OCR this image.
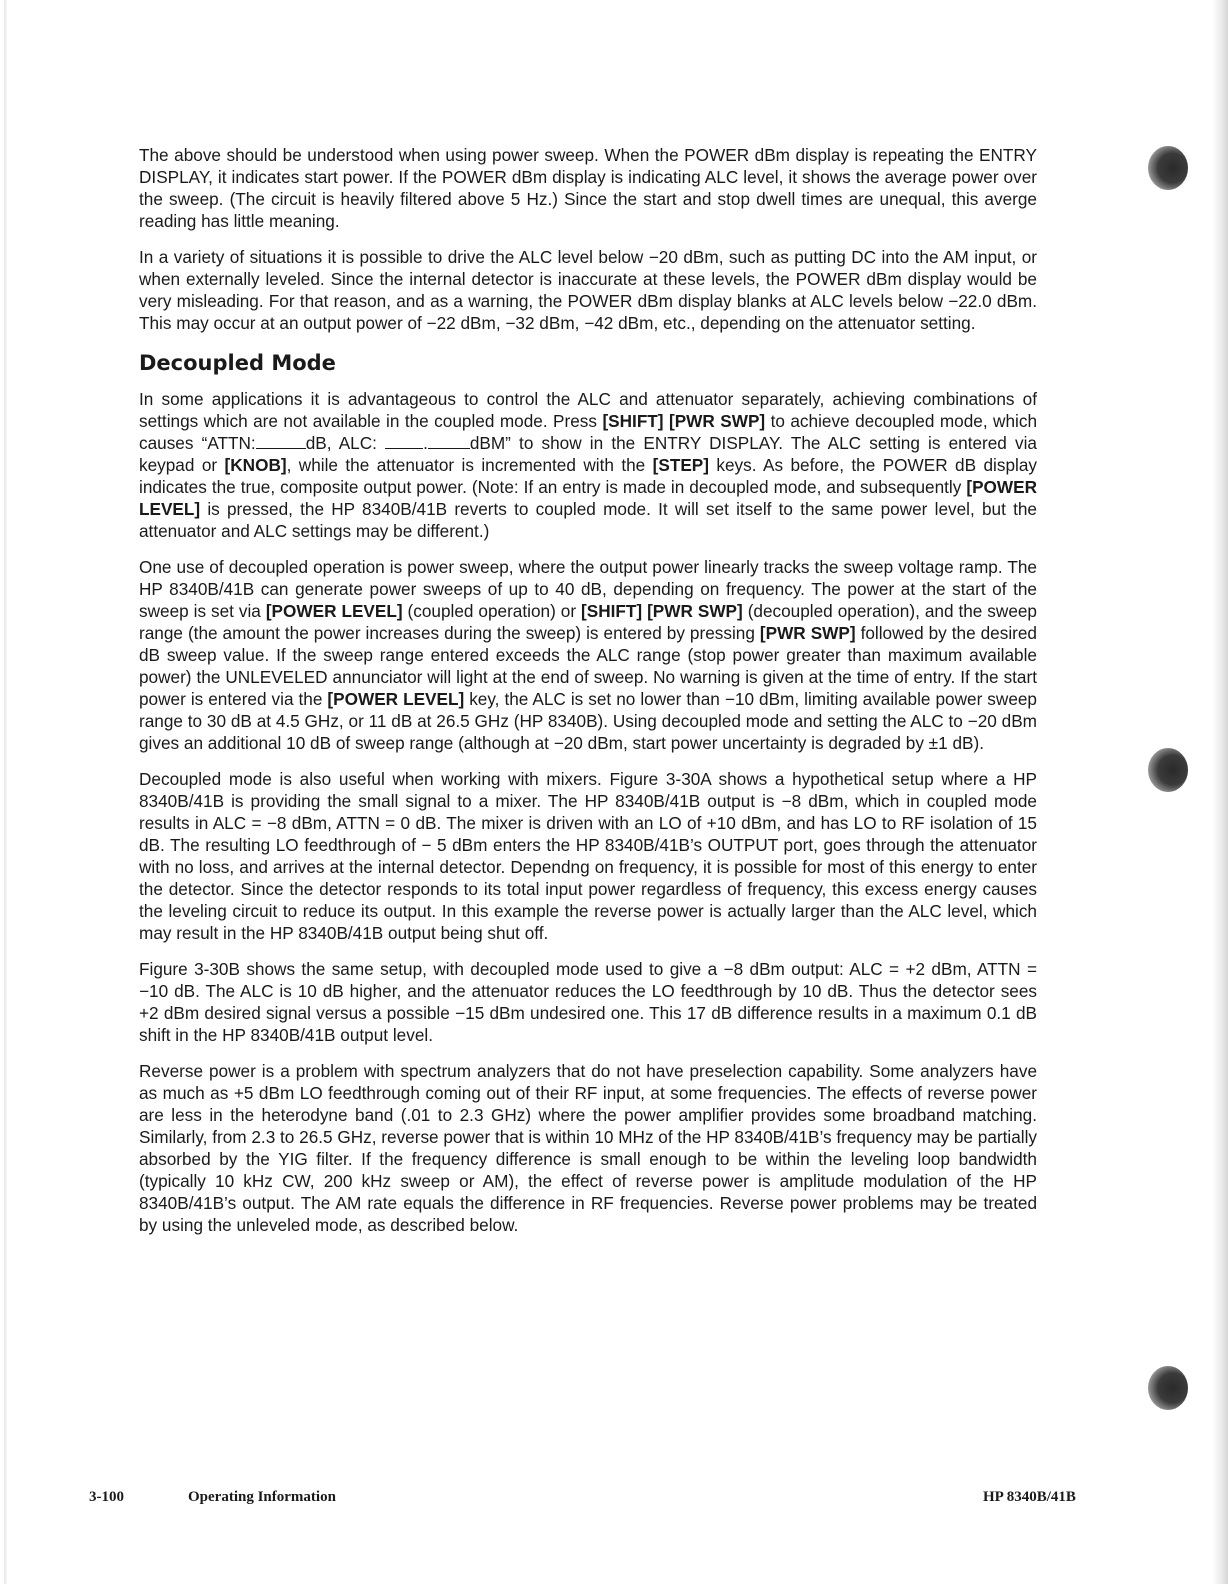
The above should be understood when using power sweep. When the POWER dBm display is repeating the ENTRY DISPLAY, it indicates start power. If the POWER dBm display is indicating ALC level, it shows the average power over the sweep. (The circuit is heavily filtered above 5 Hz.) Since the start and stop dwell times are unequal, this averge reading has little meaning.

In a variety of situations it is possible to drive the ALC level below −20 dBm, such as putting DC into the AM input, or when externally leveled. Since the internal detector is inaccurate at these levels, the POWER dBm display would be very misleading. For that reason, and as a warning, the POWER dBm display blanks at ALC levels below −22.0 dBm. This may occur at an output power of −22 dBm, −32 dBm, −42 dBm, etc., depending on the attenuator setting.

Decoupled Mode

In some applications it is advantageous to control the ALC and attenuator separately, achieving combinations of settings which are not available in the coupled mode. Press [SHIFT] [PWR SWP] to achieve decoupled mode, which causes “ATTN:	dB, ALC: . dBM” to show in the ENTRY DISPLAY. The ALC setting is entered via keypad or [KNOB], while the attenuator is incremented with the [STEP] keys. As before, the POWER dB display indicates the true, composite output power. (Note: If an entry is made in decoupled mode, and subsequently [POWER LEVEL] is pressed, the HP 8340B/41B reverts to coupled mode. It will set itself to the same power level, but the attenuator and ALC settings may be different.)

One use of decoupled operation is power sweep, where the output power linearly tracks the sweep voltage ramp. The HP 8340B/41B can generate power sweeps of up to 40 dB, depending on frequency. The power at the start of the sweep is set via [POWER LEVEL] (coupled operation) or [SHIFT] [PWR SWP] (decoupled operation), and the sweep range (the amount the power increases during the sweep) is entered by pressing [PWR SWP] followed by the desired dB sweep value. If the sweep range entered exceeds the ALC range (stop power greater than maximum available power) the UNLEVELED annunciator will light at the end of sweep. No warning is given at the time of entry. If the start power is entered via the [POWER LEVEL] key, the ALC is set no lower than −10 dBm, limiting available power sweep range to 30 dB at 4.5 GHz, or 11 dB at 26.5 GHz (HP 8340B). Using decoupled mode and setting the ALC to −20 dBm gives an additional 10 dB of sweep range (although at −20 dBm, start power uncertainty is degraded by ±1 dB).

Decoupled mode is also useful when working with mixers. Figure 3-30A shows a hypothetical setup where a HP 8340B/41B is providing the small signal to a mixer. The HP 8340B/41B output is −8 dBm, which in coupled mode results in ALC = −8 dBm, ATTN = 0 dB. The mixer is driven with an LO of +10 dBm, and has LO to RF isolation of 15 dB. The resulting LO feedthrough of − 5 dBm enters the HP 8340B/41B’s OUTPUT port, goes through the attenuator with no loss, and arrives at the internal detector. Dependng on frequency, it is possible for most of this energy to enter the detector. Since the detector responds to its total input power regardless of frequency, this excess energy causes the leveling circuit to reduce its output. In this example the reverse power is actually larger than the ALC level, which may result in the HP 8340B/41B output being shut off.

Figure 3-30B shows the same setup, with decoupled mode used to give a −8 dBm output: ALC = +2 dBm, ATTN = −10 dB. The ALC is 10 dB higher, and the attenuator reduces the LO feedthrough by 10 dB. Thus the detector sees +2 dBm desired signal versus a possible −15 dBm undesired one. This 17 dB difference results in a maximum 0.1 dB shift in the HP 8340B/41B output level.

Reverse power is a problem with spectrum analyzers that do not have preselection capability. Some analyzers have as much as +5 dBm LO feedthrough coming out of their RF input, at some frequencies. The effects of reverse power are less in the heterodyne band (.01 to 2.3 GHz) where the power amplifier provides some broadband matching. Similarly, from 2.3 to 26.5 GHz, reverse power that is within 10 MHz of the HP 8340B/41B’s frequency may be partially absorbed by the YIG filter. If the frequency difference is small enough to be within the leveling loop bandwidth (typically 10 kHz CW, 200 kHz sweep or AM), the effect of reverse power is amplitude modulation of the HP 8340B/41B’s output. The AM rate equals the difference in RF frequencies. Reverse power problems may be treated by using the unleveled mode, as described below.

3-100	Operating Information	HP 8340B/41B
